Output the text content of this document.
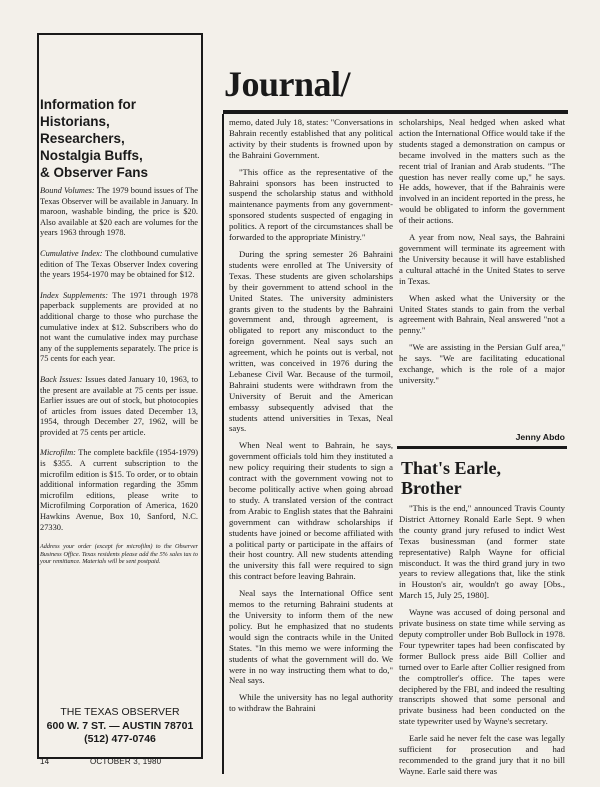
Information for
Historians,
Researchers,
Nostalgia Buffs,
& Observer Fans

Bound Volumes: The 1979 bound issues of The Texas Observer will be available in January. In maroon, washable binding, the price is $20. Also available at $20 each are volumes for the years 1963 through 1978.

Cumulative Index: The clothbound cumulative edition of The Texas Observer Index covering the years 1954-1970 may be obtained for $12.

Index Supplements: The 1971 through 1978 paperback supplements are provided at no additional charge to those who purchase the cumulative index at $12. Subscribers who do not want the cumulative index may purchase any of the supplements separately. The price is 75 cents for each year.

Back Issues: Issues dated January 10, 1963, to the present are available at 75 cents per issue. Earlier issues are out of stock, but photocopies of articles from issues dated December 13, 1954, through December 27, 1962, will be provided at 75 cents per article.

Microfilm: The complete backfile (1954-1979) is $355. A current subscription to the microfilm edition is $15. To order, or to obtain additional information regarding the 35mm microfilm editions, please write to Microfilming Corporation of America, 1620 Hawkins Avenue, Box 10, Sanford, N.C. 27330.

Address your order (except for microfilm) to the Observer Business Office. Texas residents please add the 5% sales tax to your remittance. Materials will be sent postpaid.

THE TEXAS OBSERVER
600 W. 7 ST. — AUSTIN 78701
(512) 477-0746
Journal/

memo, dated July 18, states: "Conversations in Bahrain recently established that any political activity by their students is frowned upon by the Bahraini Government.

"This office as the representative of the Bahraini sponsors has been instructed to suspend the scholarship status and withhold maintenance payments from any government-sponsored students suspected of engaging in politics. A report of the circumstances shall be forwarded to the appropriate Ministry."

During the spring semester 26 Bahraini students were enrolled at The University of Texas. These students are given scholarships by their government to attend school in the United States. The university administers grants given to the students by the Bahraini government and, through agreement, is obligated to report any misconduct to the foreign government. Neal says such an agreement, which he points out is verbal, not written, was conceived in 1976 during the Lebanese Civil War. Because of the turmoil, Bahraini students were withdrawn from the University of Beruit and the American embassy subsequently advised that the students attend universities in Texas, Neal says.

When Neal went to Bahrain, he says, government officials told him they instituted a new policy requiring their students to sign a contract with the government vowing not to become politically active when going abroad to study. A translated version of the contract from Arabic to English states that the Bahraini government can withdraw scholarships if students have joined or become affiliated with a political party or participate in the affairs of their host country. All new students attending the university this fall were required to sign this contract before leaving Bahrain.

Neal says the International Office sent memos to the returning Bahraini students at the University to inform them of the new policy. But he emphasized that no students would sign the contracts while in the United States. "In this memo we were informing the students of what the government will do. We were in no way instructing them what to do," Neal says.

While the university has no legal authority to withdraw the Bahraini

scholarships, Neal hedged when asked what action the International Office would take if the students staged a demonstration on campus or became involved in the matters such as the recent trial of Iranian and Arab students. "The question has never really come up," he says. He adds, however, that if the Bahrainis were involved in an incident reported in the press, he would be obligated to inform the government of their actions.

A year from now, Neal says, the Bahraini government will terminate its agreement with the University because it will have established a cultural attaché in the United States to serve in Texas.

When asked what the University or the United States stands to gain from the verbal agreement with Bahrain, Neal answered "not a penny."

"We are assisting in the Persian Gulf area," he says. "We are facilitating educational exchange, which is the role of a major university."

Jenny Abdo
That's Earle,
Brother

"This is the end," announced Travis County District Attorney Ronald Earle Sept. 9 when the county grand jury refused to indict West Texas businessman (and former state representative) Ralph Wayne for official misconduct. It was the third grand jury in two years to review allegations that, like the stink in Houston's air, wouldn't go away [Obs., March 15, July 25, 1980].

Wayne was accused of doing personal and private business on state time while serving as deputy comptroller under Bob Bullock in 1978. Four typewriter tapes had been confiscated by former Bullock press aide Bill Collier and turned over to Earle after Collier resigned from the comptroller's office. The tapes were deciphered by the FBI, and indeed the resulting transcripts showed that some personal and private business had been conducted on the state typewriter used by Wayne's secretary.

Earle said he never felt the case was legally sufficient for prosecution and had recommended to the grand jury that it no bill Wayne. Earle said there was

14	OCTOBER 3, 1980
